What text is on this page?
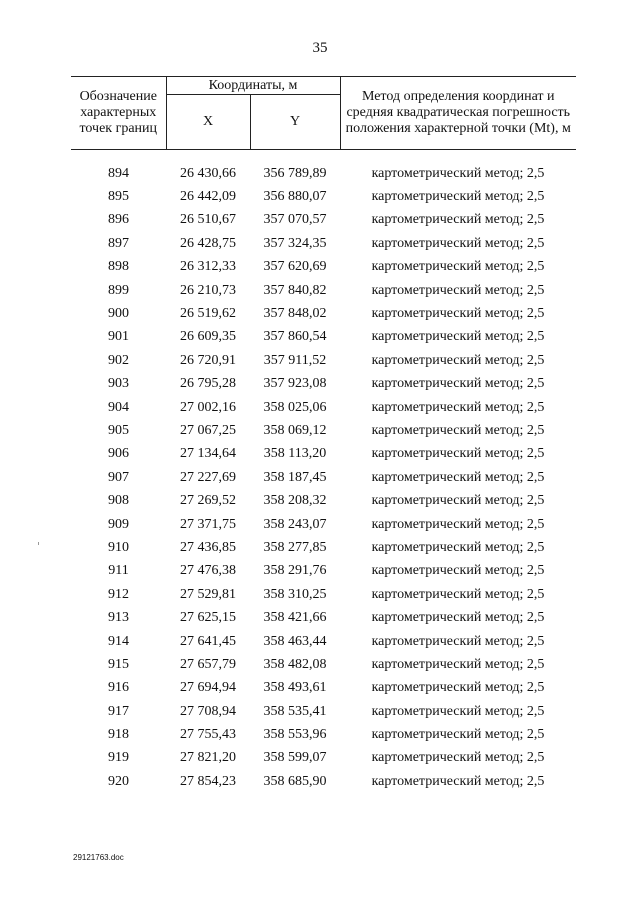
35
Обозначение характерных точек границ	Координаты, м		Метод определения координат и средняя квадратическая погрешность положения характерной точки (Mt), м
	X	Y	

894	26 430,66	356 789,89	картометрический метод; 2,5
895	26 442,09	356 880,07	картометрический метод; 2,5
896	26 510,67	357 070,57	картометрический метод; 2,5
897	26 428,75	357 324,35	картометрический метод; 2,5
898	26 312,33	357 620,69	картометрический метод; 2,5
899	26 210,73	357 840,82	картометрический метод; 2,5
900	26 519,62	357 848,02	картометрический метод; 2,5
901	26 609,35	357 860,54	картометрический метод; 2,5
902	26 720,91	357 911,52	картометрический метод; 2,5
903	26 795,28	357 923,08	картометрический метод; 2,5
904	27 002,16	358 025,06	картометрический метод; 2,5
905	27 067,25	358 069,12	картометрический метод; 2,5
906	27 134,64	358 113,20	картометрический метод; 2,5
907	27 227,69	358 187,45	картометрический метод; 2,5
908	27 269,52	358 208,32	картометрический метод; 2,5
909	27 371,75	358 243,07	картометрический метод; 2,5
910	27 436,85	358 277,85	картометрический метод; 2,5
911	27 476,38	358 291,76	картометрический метод; 2,5
912	27 529,81	358 310,25	картометрический метод; 2,5
913	27 625,15	358 421,66	картометрический метод; 2,5
914	27 641,45	358 463,44	картометрический метод; 2,5
915	27 657,79	358 482,08	картометрический метод; 2,5
916	27 694,94	358 493,61	картометрический метод; 2,5
917	27 708,94	358 535,41	картометрический метод; 2,5
918	27 755,43	358 553,96	картометрический метод; 2,5
919	27 821,20	358 599,07	картометрический метод; 2,5
920	27 854,23	358 685,90	картометрический метод; 2,5
29121763.doc
